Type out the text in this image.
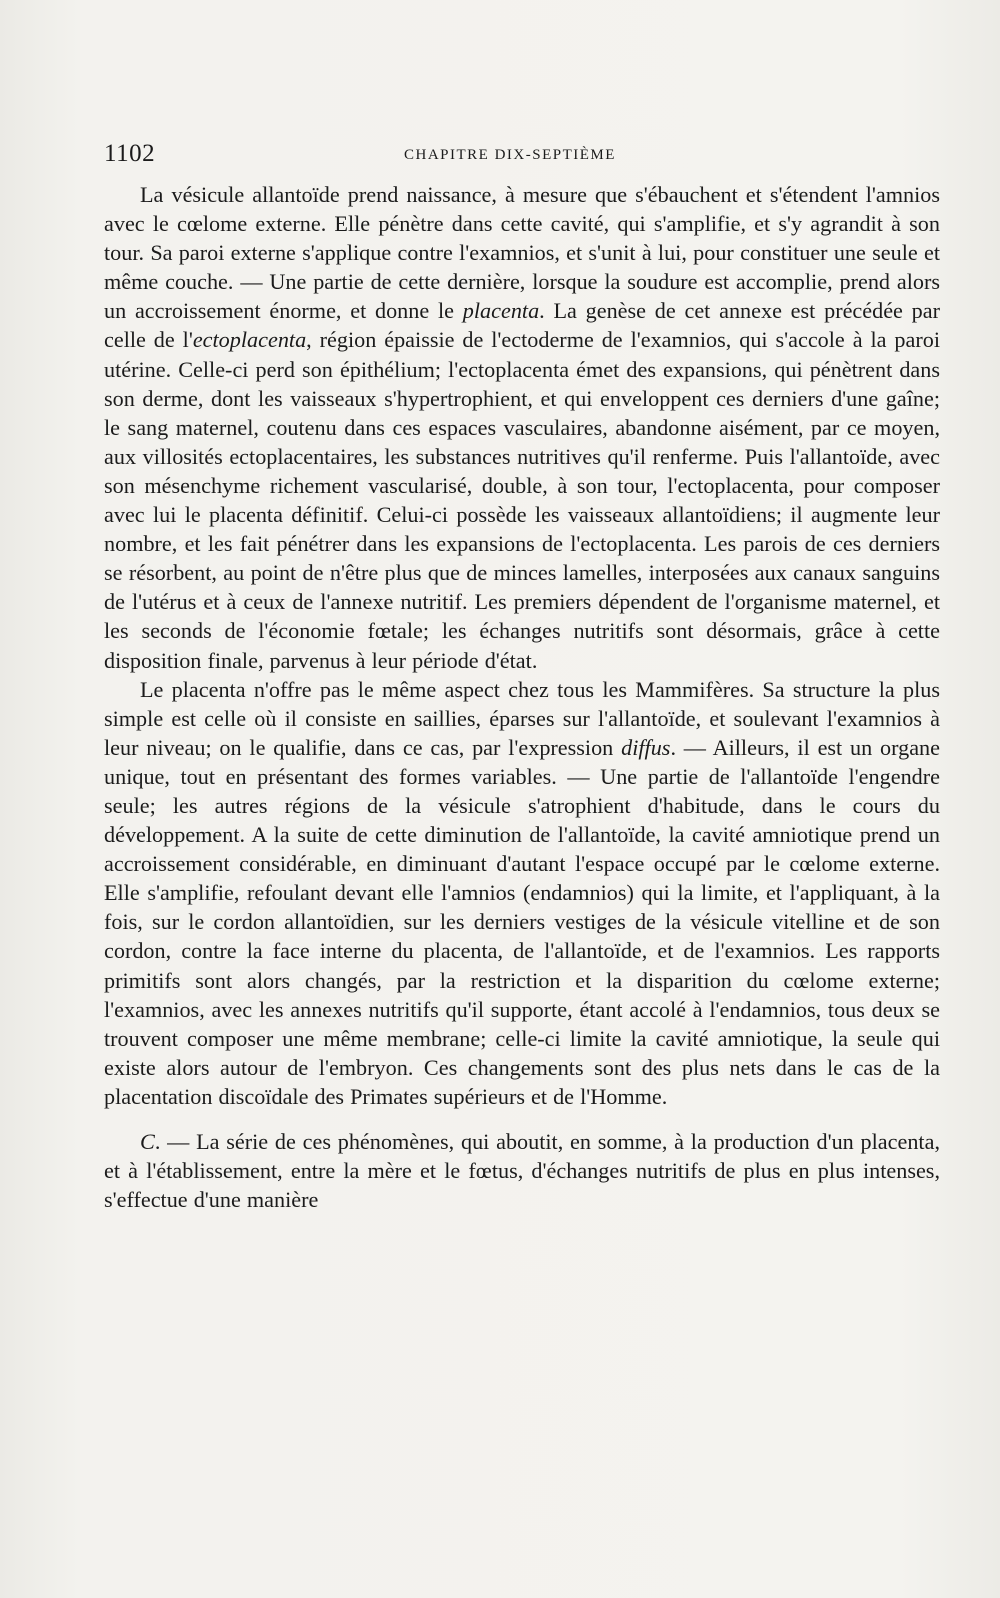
1102	CHAPITRE DIX-SEPTIÈME

La vésicule allantoïde prend naissance, à mesure que s'ébauchent et s'étendent l'amnios avec le cœlome externe. Elle pénètre dans cette cavité, qui s'amplifie, et s'y agrandit à son tour. Sa paroi externe s'applique contre l'examnios, et s'unit à lui, pour constituer une seule et même couche. — Une partie de cette dernière, lorsque la soudure est accomplie, prend alors un accroissement énorme, et donne le placenta. La genèse de cet annexe est précédée par celle de l'ectoplacenta, région épaissie de l'ectoderme de l'examnios, qui s'accole à la paroi utérine. Celle-ci perd son épithélium; l'ectoplacenta émet des expansions, qui pénètrent dans son derme, dont les vaisseaux s'hypertrophient, et qui enveloppent ces derniers d'une gaîne; le sang maternel, coutenu dans ces espaces vasculaires, abandonne aisément, par ce moyen, aux villosités ectoplacentaires, les substances nutritives qu'il renferme. Puis l'allantoïde, avec son mésenchyme richement vascularisé, double, à son tour, l'ectoplacenta, pour composer avec lui le placenta définitif. Celui-ci possède les vaisseaux allantoïdiens; il augmente leur nombre, et les fait pénétrer dans les expansions de l'ectoplacenta. Les parois de ces derniers se résorbent, au point de n'être plus que de minces lamelles, interposées aux canaux sanguins de l'utérus et à ceux de l'annexe nutritif. Les premiers dépendent de l'organisme maternel, et les seconds de l'économie fœtale; les échanges nutritifs sont désormais, grâce à cette disposition finale, parvenus à leur période d'état.

Le placenta n'offre pas le même aspect chez tous les Mammifères. Sa structure la plus simple est celle où il consiste en saillies, éparses sur l'allantoïde, et soulevant l'examnios à leur niveau; on le qualifie, dans ce cas, par l'expression diffus. — Ailleurs, il est un organe unique, tout en présentant des formes variables. — Une partie de l'allantoïde l'engendre seule; les autres régions de la vésicule s'atrophient d'habitude, dans le cours du développement. A la suite de cette diminution de l'allantoïde, la cavité amniotique prend un accroissement considérable, en diminuant d'autant l'espace occupé par le cœlome externe. Elle s'amplifie, refoulant devant elle l'amnios (endamnios) qui la limite, et l'appliquant, à la fois, sur le cordon allantoïdien, sur les derniers vestiges de la vésicule vitelline et de son cordon, contre la face interne du placenta, de l'allantoïde, et de l'examnios. Les rapports primitifs sont alors changés, par la restriction et la disparition du cœlome externe; l'examnios, avec les annexes nutritifs qu'il supporte, étant accolé à l'endamnios, tous deux se trouvent composer une même membrane; celle-ci limite la cavité amniotique, la seule qui existe alors autour de l'embryon. Ces changements sont des plus nets dans le cas de la placentation discoïdale des Primates supérieurs et de l'Homme.

C. — La série de ces phénomènes, qui aboutit, en somme, à la production d'un placenta, et à l'établissement, entre la mère et le fœtus, d'échanges nutritifs de plus en plus intenses, s'effectue d'une manière
